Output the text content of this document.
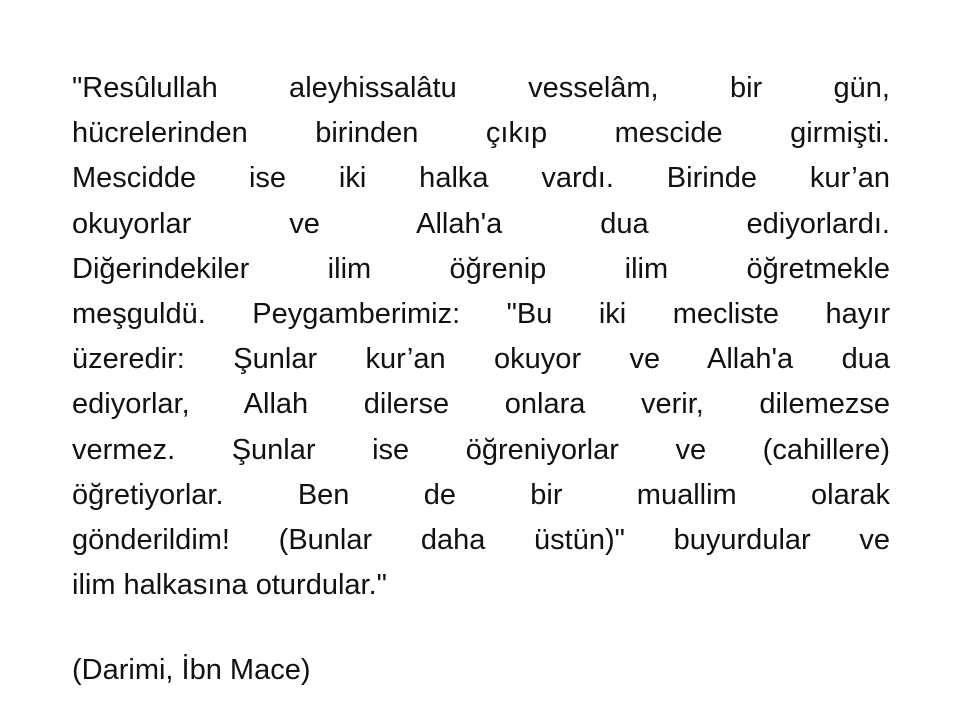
"Resûlullah aleyhissalâtu vesselâm, bir gün,
hücrelerinden birinden çıkıp mescide girmişti.
Mescidde ise iki halka vardı. Birinde kur’an
okuyorlar ve Allah'a dua ediyorlardı.
Diğerindekiler ilim öğrenip ilim öğretmekle
meşguldü. Peygamberimiz: "Bu iki mecliste hayır
üzeredir: Şunlar kur’an okuyor ve Allah'a dua
ediyorlar, Allah dilerse onlara verir, dilemezse
vermez. Şunlar ise öğreniyorlar ve (cahillere)
öğretiyorlar. Ben de bir muallim olarak
gönderildim! (Bunlar daha üstün)" buyurdular ve
ilim halkasına oturdular."

(Darimi, İbn Mace)
